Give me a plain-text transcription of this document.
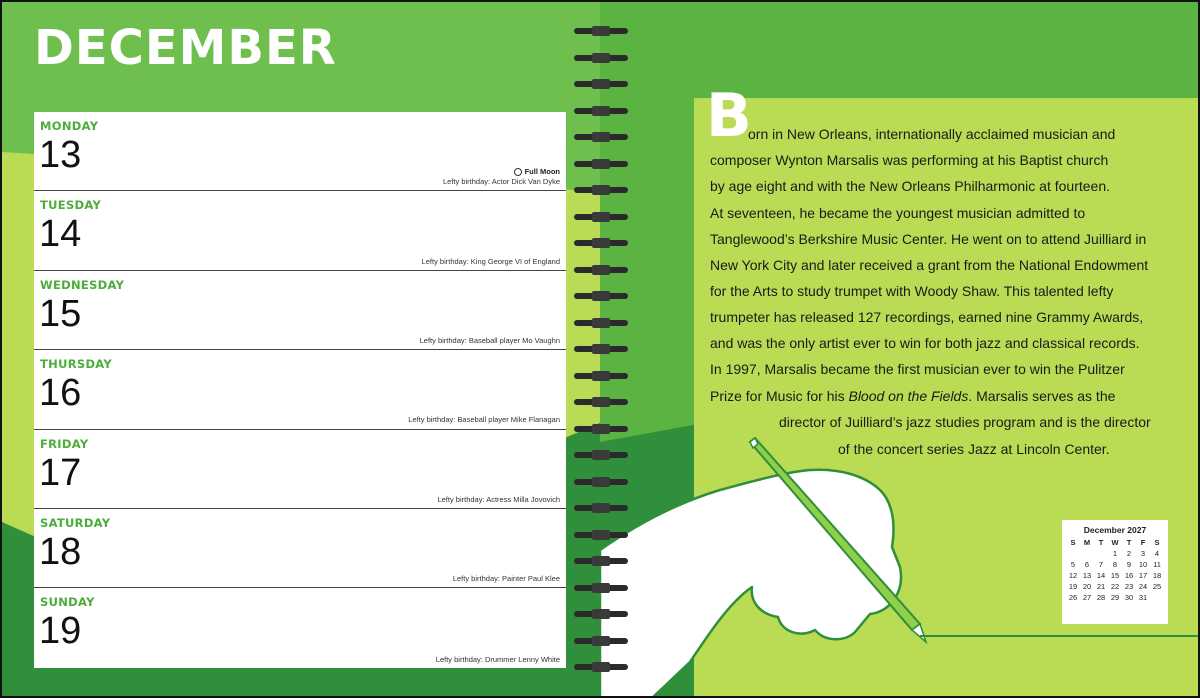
DECEMBER
MONDAY
13	Full Moon
Lefty birthday: Actor Dick Van Dyke
TUESDAY
14
Lefty birthday: King George VI of England
WEDNESDAY
15
Lefty birthday: Baseball player Mo Vaughn
THURSDAY
16
Lefty birthday: Baseball player Mike Flanagan
FRIDAY
17
Lefty birthday: Actress Milla Jovovich
SATURDAY
18
Lefty birthday: Painter Paul Klee
SUNDAY
19
Lefty birthday: Drummer Lenny White
B
orn in New Orleans, internationally acclaimed musician and
composer Wynton Marsalis was performing at his Baptist church
by age eight and with the New Orleans Philharmonic at fourteen.
At seventeen, he became the youngest musician admitted to
Tanglewood’s Berkshire Music Center. He went on to attend Juilliard in
New York City and later received a grant from the National Endowment
for the Arts to study trumpet with Woody Shaw. This talented lefty
trumpeter has released 127 recordings, earned nine Grammy Awards,
and was the only artist ever to win for both jazz and classical records.
In 1997, Marsalis became the first musician ever to win the Pulitzer
Prize for Music for his Blood on the Fields. Marsalis serves as the
director of Juilliard’s jazz studies program and is the director
of the concert series Jazz at Lincoln Center.
December 2027
S	M	T	W	T	F	S
			1	2	3	4
5	6	7	8	9	10	11
12	13	14	15	16	17	18
19	20	21	22	23	24	25
26	27	28	29	30	31	
